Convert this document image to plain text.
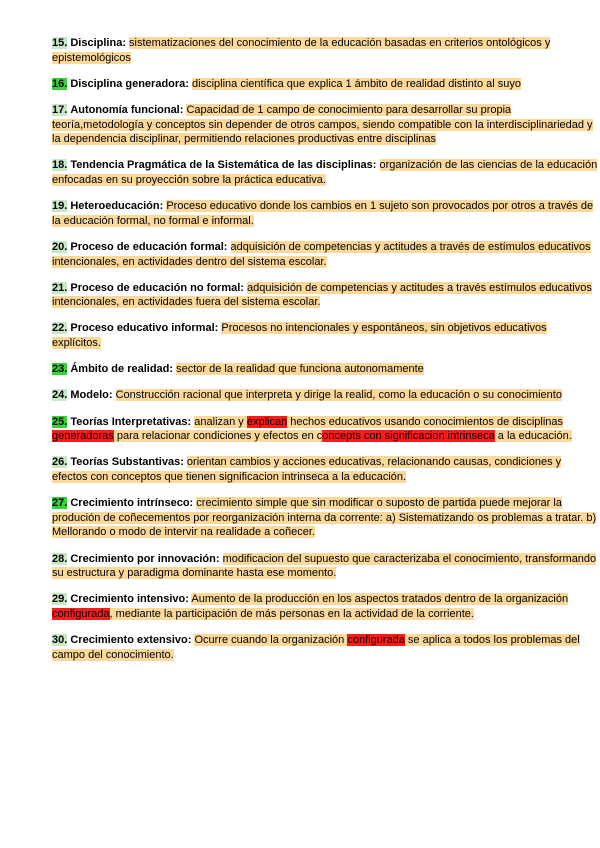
15. Disciplina: sistematizaciones del conocimiento de la educación basadas en criterios ontológicos y epistemológicos

16. Disciplina generadora: disciplina científica que explica 1 ámbito de realidad distinto al suyo

17. Autonomía funcional: Capacidad de 1 campo de conocimiento para desarrollar su propia teoría,metodología y conceptos sin depender de otros campos, siendo compatible con la interdisciplinariedad y la dependencia disciplinar, permitiendo relaciones productivas entre disciplinas

18. Tendencia Pragmática de la Sistemática de las disciplinas: organización de las ciencias de la educación enfocadas en su proyección sobre la práctica educativa.

19. Heteroeducación: Proceso educativo donde los cambios en 1 sujeto son provocados por otros a través de la educación formal, no formal e informal.

20. Proceso de educación formal: adquisición de competencias y actitudes a través de estímulos educativos intencionales, en actividades dentro del sistema escolar.

21. Proceso de educación no formal: adquisición de competencias y actitudes a través estímulos educativos intencionales, en actividades fuera del sistema escolar.

22. Proceso educativo informal: Procesos no intencionales y espontáneos, sin objetivos educativos explícitos.

23. Ámbito de realidad: sector de la realidad que funciona autonomamente

24. Modelo: Construcción racional que interpreta y dirige la realid, como la educación o su conocimiento

25. Teorías Interpretativas: analizan y explican hechos educativos usando conocimientos de disciplinas generadoras para relacionar condiciones y efectos en concepts con significacion intrinseca a la educación.

26. Teorías Substantivas: orientan cambios y acciones educativas, relacionando causas, condiciones y efectos con conceptos que tienen significacion intrinseca a la educación.

27. Crecimiento intrínseco: crecimiento simple que sin modificar o suposto de partida puede mejorar la produción de coñecementos por reorganización interna da corrente: a) Sistematizando os problemas a tratar. b) Mellorando o modo de intervir na realidade a coñecer.

28. Crecimiento por innovación: modificacion del supuesto que caracterizaba el conocimiento, transformando su estructura y paradigma dominante hasta ese momento.

29. Crecimiento intensivo: Aumento de la producción en los aspectos tratados dentro de la organización configurada, mediante la participación de más personas en la actividad de la corriente.

30. Crecimiento extensivo: Ocurre cuando la organización configurada se aplica a todos los problemas del campo del conocimiento.
